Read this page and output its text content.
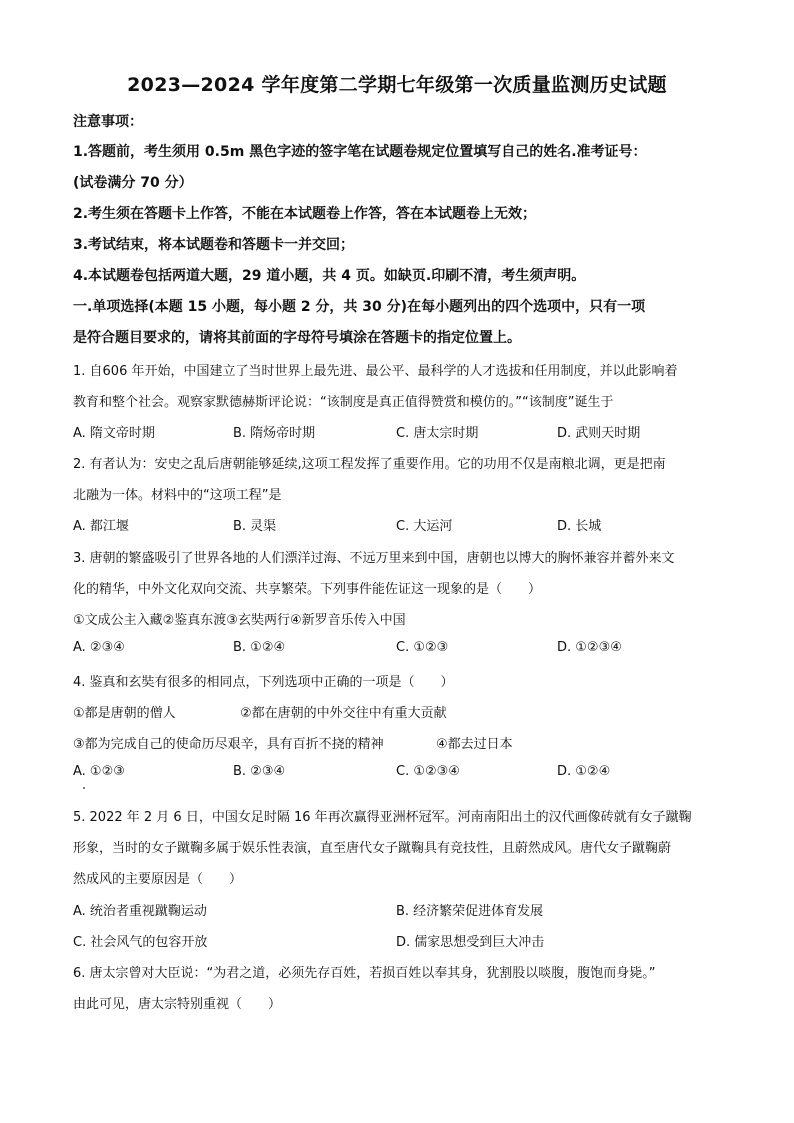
2023—2024 学年度第二学期七年级第一次质量监测历史试题
注意事项：
1.答题前，考生须用 0.5m 黑色字迹的签字笔在试题卷规定位置填写自己的姓名.准考证号：
(试卷满分 70 分）
2.考生须在答题卡上作答，不能在本试题卷上作答，答在本试题卷上无效；
3.考试结束，将本试题卷和答题卡一并交回；
4.本试题卷包括两道大题，29 道小题，共 4 页。如缺页.印刷不清，考生须声明。
一.单项选择(本题 15 小题，每小题 2 分，共 30 分)在每小题列出的四个选项中，只有一项
是符合题目要求的，请将其前面的字母符号填涂在答题卡的指定位置上。
1. 自606 年开始，中国建立了当时世界上最先进、最公平、最科学的人才选拔和任用制度，并以此影响着
教育和整个社会。观察家默德赫斯评论说：“该制度是真正值得赞赏和模仿的。”“该制度”诞生于
A. 隋文帝时期	B. 隋炀帝时期	C. 唐太宗时期	D. 武则天时期
2. 有者认为：安史之乱后唐朝能够延续,这项工程发挥了重要作用。它的功用不仅是南粮北调，更是把南
北融为一体。材料中的“这项工程”是
A. 都江堰	B. 灵渠	C. 大运河	D. 长城
3. 唐朝的繁盛吸引了世界各地的人们漂洋过海、不远万里来到中国，唐朝也以博大的胸怀兼容并蓄外来文
化的精华，中外文化双向交流、共享繁荣。下列事件能佐证这一现象的是（　　）
①文成公主入藏②鉴真东渡③玄奘两行④新罗音乐传入中国
A. ②③④	B. ①②④	C. ①②③	D. ①②③④
4. 鉴真和玄奘有很多的相同点，下列选项中正确的一项是（　　）
①都是唐朝的僧人	②都在唐朝的中外交往中有重大贡献
③都为完成自己的使命历尽艰辛，具有百折不挠的精神	④都去过日本
A. ①②③	B. ②③④	C. ①②③④	D. ①②④
5. 2022 年 2 月 6 日，中国女足时隔 16 年再次赢得亚洲杯冠军。河南南阳出土的汉代画像砖就有女子蹴鞠
形象，当时的女子蹴鞠多属于娱乐性表演，直至唐代女子蹴鞠具有竞技性，且蔚然成风。唐代女子蹴鞠蔚
然成风的主要原因是（　　）
A. 统治者重视蹴鞠运动	B. 经济繁荣促进体育发展
C. 社会风气的包容开放	D. 儒家思想受到巨大冲击
6. 唐太宗曾对大臣说：“为君之道，必须先存百姓，若损百姓以奉其身，犹割股以啖腹，腹饱而身毙。”
由此可见，唐太宗特别重视（　　）
